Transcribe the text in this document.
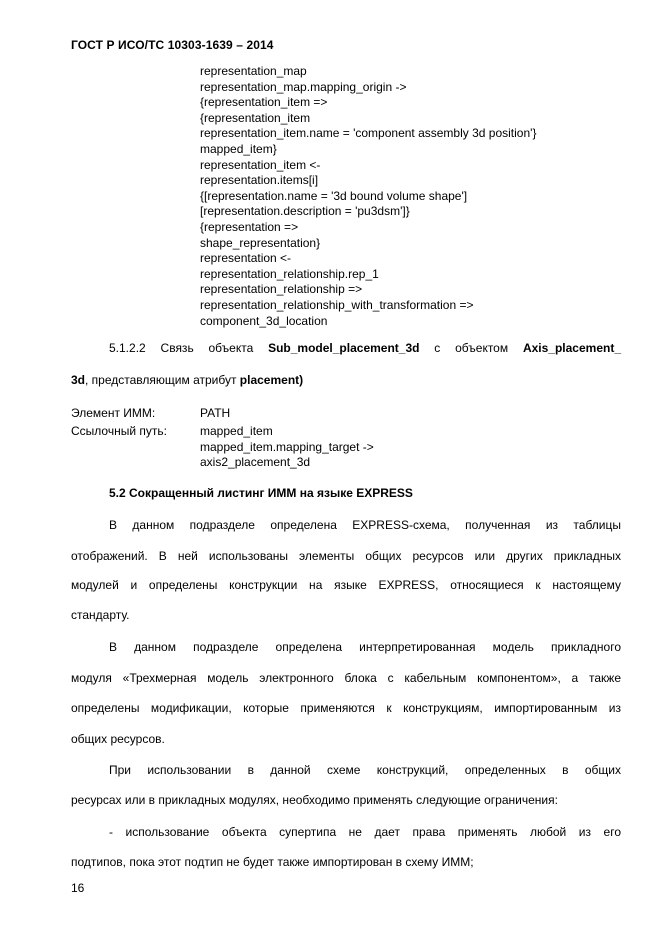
ГОСТ Р ИСО/ТС 10303-1639 – 2014
representation_map
representation_map.mapping_origin ->
{representation_item =>
{representation_item
representation_item.name = 'component assembly 3d position'}
mapped_item}
representation_item <-
representation.items[i]
{[representation.name = '3d bound volume shape']
[representation.description = 'pu3dsm']}
{representation =>
shape_representation}
representation <-
representation_relationship.rep_1
representation_relationship =>
representation_relationship_with_transformation =>
component_3d_location
5.1.2.2 Связь объекта Sub_model_placement_3d с объектом Axis_placement_
3d, представляющим атрибут placement)
Элемент ИММ:	PATH
Ссылочный путь:	mapped_item
mapped_item.mapping_target ->
axis2_placement_3d
5.2 Сокращенный листинг ИММ на языке EXPRESS
В данном подразделе определена EXPRESS-схема, полученная из таблицы
отображений. В ней использованы элементы общих ресурсов или других прикладных
модулей и определены конструкции на языке EXPRESS, относящиеся к настоящему
стандарту.
В данном подразделе определена интерпретированная модель прикладного
модуля «Трехмерная модель электронного блока с кабельным компонентом», а также
определены модификации, которые применяются к конструкциям, импортированным из
общих ресурсов.
При использовании в данной схеме конструкций, определенных в общих
ресурсах или в прикладных модулях, необходимо применять следующие ограничения:
- использование объекта супертипа не дает права применять любой из его
подтипов, пока этот подтип не будет также импортирован в схему ИММ;
16
